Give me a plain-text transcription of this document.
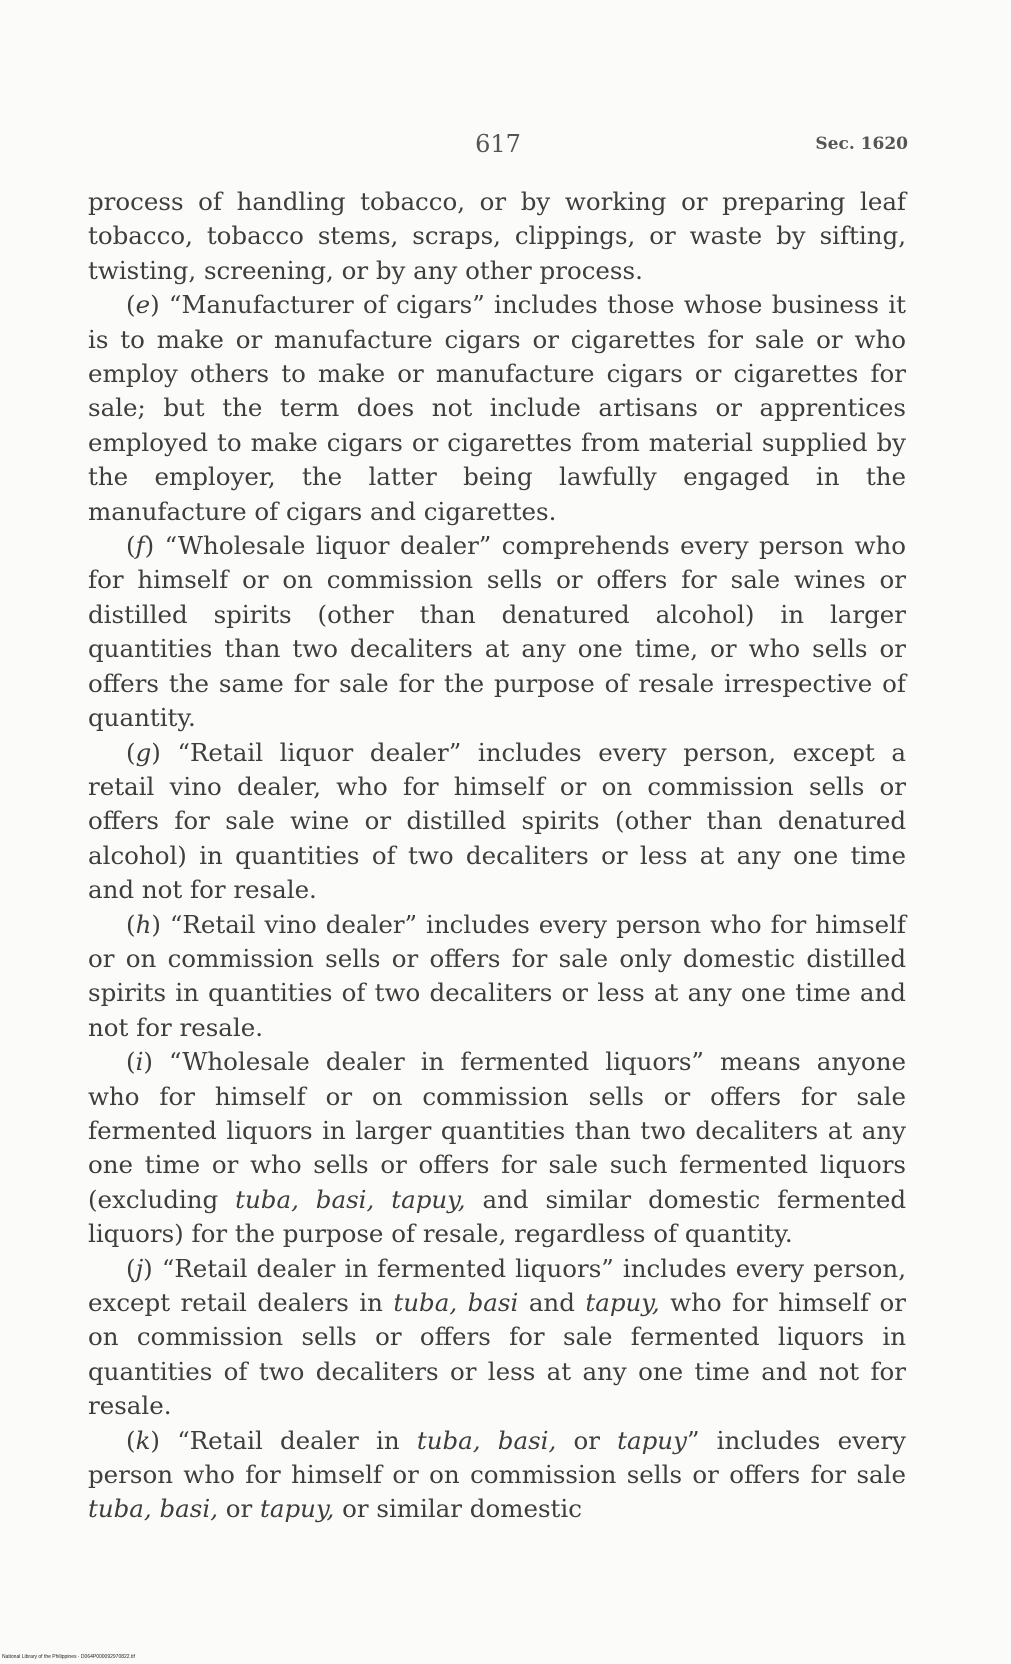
617	Sec. 1620

process of handling tobacco, or by working or preparing leaf tobacco, tobacco stems, scraps, clippings, or waste by sifting, twisting, screening, or by any other process.

(e) “Manufacturer of cigars” includes those whose business it is to make or manufacture cigars or cigarettes for sale or who employ others to make or manufacture cigars or cigarettes for sale; but the term does not include artisans or apprentices employed to make cigars or cigarettes from material supplied by the employer, the latter being lawfully engaged in the manufacture of cigars and cigarettes.

(f) “Wholesale liquor dealer” comprehends every person who for himself or on commission sells or offers for sale wines or distilled spirits (other than denatured alcohol) in larger quantities than two decaliters at any one time, or who sells or offers the same for sale for the purpose of resale irrespective of quantity.

(g) “Retail liquor dealer” includes every person, except a retail vino dealer, who for himself or on commission sells or offers for sale wine or distilled spirits (other than denatured alcohol) in quantities of two decaliters or less at any one time and not for resale.

(h) “Retail vino dealer” includes every person who for himself or on commission sells or offers for sale only domestic distilled spirits in quantities of two decaliters or less at any one time and not for resale.

(i) “Wholesale dealer in fermented liquors” means anyone who for himself or on commission sells or offers for sale fermented liquors in larger quantities than two decaliters at any one time or who sells or offers for sale such fermented liquors (excluding tuba, basi, tapuy, and similar domestic fermented liquors) for the purpose of resale, regardless of quantity.

(j) “Retail dealer in fermented liquors” includes every person, except retail dealers in tuba, basi and tapuy, who for himself or on commission sells or offers for sale fermented liquors in quantities of two decaliters or less at any one time and not for resale.

(k) “Retail dealer in tuba, basi, or tapuy” includes every person who for himself or on commission sells or offers for sale tuba, basi, or tapuy, or similar domestic

National Library of the Philippines · D064P000092970822.tif
